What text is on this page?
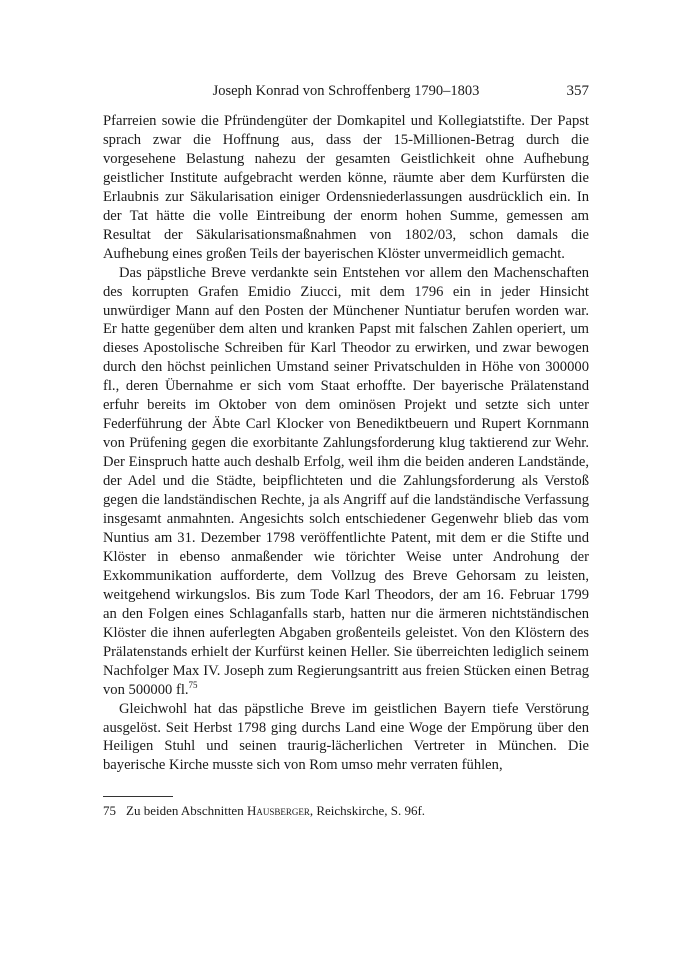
Joseph Konrad von Schroffenberg 1790–1803	357

Pfarreien sowie die Pfründengüter der Domkapitel und Kollegiatstifte. Der Papst sprach zwar die Hoffnung aus, dass der 15-Millionen-Betrag durch die vorgesehene Belastung nahezu der gesamten Geistlichkeit ohne Aufhebung geistlicher Institute aufgebracht werden könne, räumte aber dem Kurfürsten die Erlaubnis zur Säkularisation einiger Ordensniederlassungen ausdrücklich ein. In der Tat hätte die volle Eintreibung der enorm hohen Summe, gemessen am Resultat der Säkularisationsmaßnahmen von 1802/03, schon damals die Aufhebung eines großen Teils der bayerischen Klöster unvermeidlich gemacht.

Das päpstliche Breve verdankte sein Entstehen vor allem den Machenschaften des korrupten Grafen Emidio Ziucci, mit dem 1796 ein in jeder Hinsicht unwürdiger Mann auf den Posten der Münchener Nuntiatur berufen worden war. Er hatte gegenüber dem alten und kranken Papst mit falschen Zahlen operiert, um dieses Apostolische Schreiben für Karl Theodor zu erwirken, und zwar bewogen durch den höchst peinlichen Umstand seiner Privatschulden in Höhe von 300000 fl., deren Übernahme er sich vom Staat erhoffte. Der bayerische Prälatenstand erfuhr bereits im Oktober von dem ominösen Projekt und setzte sich unter Federführung der Äbte Carl Klocker von Benediktbeuern und Rupert Kornmann von Prüfening gegen die exorbitante Zahlungsforderung klug taktierend zur Wehr. Der Einspruch hatte auch deshalb Erfolg, weil ihm die beiden anderen Landstände, der Adel und die Städte, beipflichteten und die Zahlungsforderung als Verstoß gegen die landständischen Rechte, ja als Angriff auf die landständische Verfassung insgesamt anmahnten. Angesichts solch entschiedener Gegenwehr blieb das vom Nuntius am 31. Dezember 1798 veröffentlichte Patent, mit dem er die Stifte und Klöster in ebenso anmaßender wie törichter Weise unter Androhung der Exkommunikation aufforderte, dem Vollzug des Breve Gehorsam zu leisten, weitgehend wirkungslos. Bis zum Tode Karl Theodors, der am 16. Februar 1799 an den Folgen eines Schlaganfalls starb, hatten nur die ärmeren nichtständischen Klöster die ihnen auferlegten Abgaben großenteils geleistet. Von den Klöstern des Prälatenstands erhielt der Kurfürst keinen Heller. Sie überreichten lediglich seinem Nachfolger Max IV. Joseph zum Regierungsantritt aus freien Stücken einen Betrag von 500000 fl.$^{75}$

Gleichwohl hat das päpstliche Breve im geistlichen Bayern tiefe Verstörung ausgelöst. Seit Herbst 1798 ging durchs Land eine Woge der Empörung über den Heiligen Stuhl und seinen traurig-lächerlichen Vertreter in München. Die bayerische Kirche musste sich von Rom umso mehr verraten fühlen,

75 Zu beiden Abschnitten Hausberger, Reichskirche, S. 96f.
